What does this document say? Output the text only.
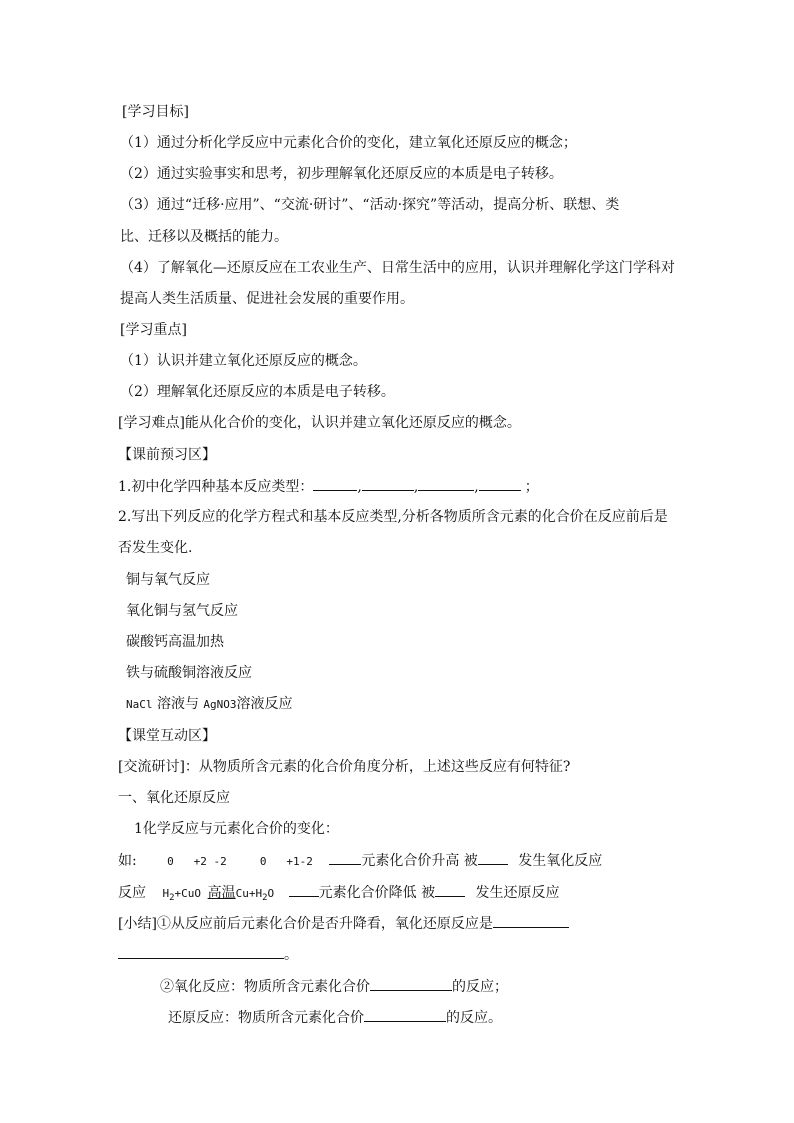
[学习目标]
（1）通过分析化学反应中元素化合价的变化，建立氧化还原反应的概念；
（2）通过实验事实和思考，初步理解氧化还原反应的本质是电子转移。
（3）通过“迁移·应用”、“交流·研讨”、“活动·探究”等活动，提高分析、联想、类
比、迁移以及概括的能力。
（4）了解氧化—还原反应在工农业生产、日常生活中的应用，认识并理解化学这门学科对
提高人类生活质量、促进社会发展的重要作用。
[学习重点]
（1）认识并建立氧化还原反应的概念。
（2）理解氧化还原反应的本质是电子转移。
[学习难点]能从化合价的变化，认识并建立氧化还原反应的概念。
【课前预习区】
1.初中化学四种基本反应类型：	,	,	,	；
2.写出下列反应的化学方程式和基本反应类型,分析各物质所含元素的化合价在反应前后是
否发生变化.
铜与氧气反应
氧化铜与氢气反应
碳酸钙高温加热
铁与硫酸铜溶液反应
NaCl 溶液与 AgNO3溶液反应
【课堂互动区】
[交流研讨]：从物质所含元素的化合价角度分析，上述这些反应有何特征?
一、氧化还原反应
1化学反应与元素化合价的变化：
如:	0   +2 -2     0   +1-2	元素化合价升高 被	发生氧化反应
反应 $H_2+CuO$ 高温$Cu+H_2O$	元素化合价降低 被	发生还原反应
[小结]①从反应前后元素化合价是否升降看，氧化还原反应是
。
②氧化反应：物质所含元素化合价	的反应；
还原反应：物质所含元素化合价	的反应。
